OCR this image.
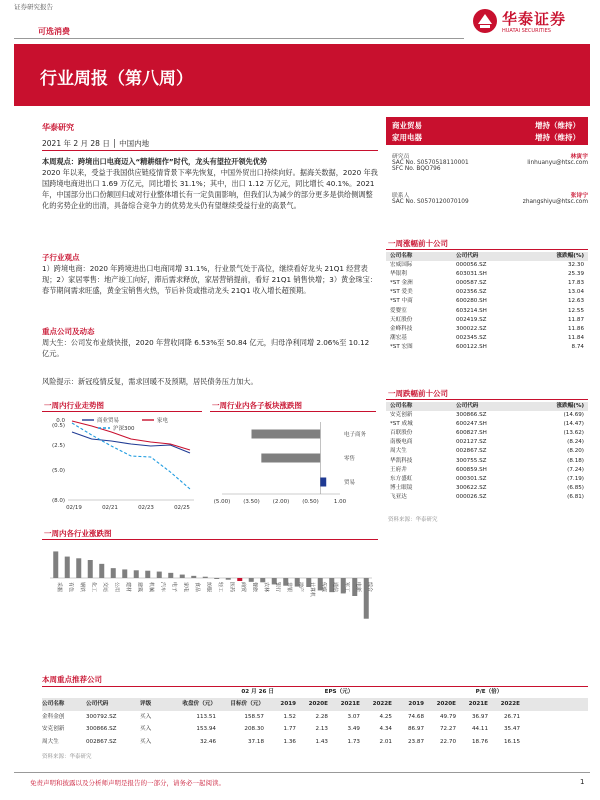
证券研究报告
可选消费
华泰证券
HUATAI SECURITIES
行业周报（第八周）
华泰研究
2021 年 2 月 28 日 │ 中国内地
本周观点：跨境出口电商迈入“精耕细作”时代，龙头有望拉开领先优势
2020 年以来，受益于我国供应链疫情背景下率先恢复，中国外贸出口持续向好。据海关数据，2020 年我国跨境电商进出口 1.69 万亿元，同比增长 31.1%；其中，出口 1.12 万亿元，同比增长 40.1%。2021 年，中国部分出口份额回归或对行业整体增长有一定负面影响，但我们认为减少的部分更多是供给侧调整化的劣势企业的出清，具备综合竞争力的优势龙头仍有望继续受益行业的高景气。
子行业观点
1）跨境电商：2020 年跨境进出口电商同增 31.1%，行业景气处于高位，继续看好龙头 21Q1 经营表现；2）家居零售：地产竣工向好，滞后需求释放，家居营销提前，看好 21Q1 销售快增；3）黄金珠宝：春节期间需求旺盛，黄金宝销售火热，节后补货或推动龙头 21Q1 收入增长超预期。
重点公司及动态
周大生：公司发布业绩快报，2020 年营收同降 6.53%至 50.84 亿元，归母净利同增 2.06%至 10.12 亿元。
风险提示：新冠疫情反复，需求回暖不及预期，居民债务压力加大。
商业贸易	增持（维持）
家用电器	增持（维持）
研究员	林寅宇
SAC No. S0570518110001	linhuanyu@htsc.com
SFC No. BQO796
联系人	张诗宁
SAC No. S0570120070109	zhangshiyu@htsc.com
一周涨幅前十公司
公司名称	公司代码	涨跌幅(%)
宏威国际	000056.SZ	32.30
华银利	603031.SH	25.39
*ST 金洲	000587.SZ	17.83
*ST 爱美	002356.SZ	13.04
*ST 中商	600280.SH	12.63
爱婴室	603214.SH	12.55
天虹股份	002419.SZ	11.87
金峰科技	300022.SZ	11.86
潮宏基	002345.SZ	11.84
*ST 宏图	600122.SH	8.74
一周跌幅前十公司
公司名称	公司代码	涨跌幅(%)
安克创新	300866.SZ	(14.69)
*ST 成城	600247.SH	(14.47)
百联股份	600827.SH	(13.62)
南极电商	002127.SZ	(8.24)
周大生	002867.SZ	(8.20)
华凯科技	300755.SZ	(8.18)
王府井	600859.SH	(7.24)
东方盛虹	000301.SZ	(7.19)
博士眼镜	300622.SZ	(6.85)
飞亚达	000026.SZ	(6.81)
资料来源：华泰研究
一周内行业走势图
0.0
(0.5)
(2.5)
(5.0)
(8.0)
02/19	02/21	02/23	02/25
商业贸易	家电
沪深300
一周行业内各子板块涨跌图
(5.00) (3.50) (2.00) (0.50)	1.00
电子商务
零售
贸易
一周内各行业涨跌图
采掘 有色 钢铁 化工 交运 公用 建材 建筑 机械 汽车 电子 家电 食品 纺服 轻工 医药 商贸 餐旅 农林 银行 非银 地产 计算机 传媒 通信 军工 电新 综合
本周重点推荐公司
02 月 26 日	EPS（元）	P/E（倍）
公司名称	公司代码	评级	收盘价（元）	目标价（元）	2019	2020E	2021E	2022E	2019	2020E	2021E	2022E
金科金创	300792.SZ	买入	113.51	158.57	1.52	2.28	3.07	4.25	74.68	49.79	36.97	26.71
安克创新	300866.SZ	买入	153.94	208.30	1.77	2.13	3.49	4.34	86.97	72.27	44.11	35.47
周大生	002867.SZ	买入	32.46	37.18	1.36	1.43	1.73	2.01	23.87	22.70	18.76	16.15
资料来源：华泰研究
免责声明和披露以及分析师声明是报告的一部分，请务必一起阅读。	1
